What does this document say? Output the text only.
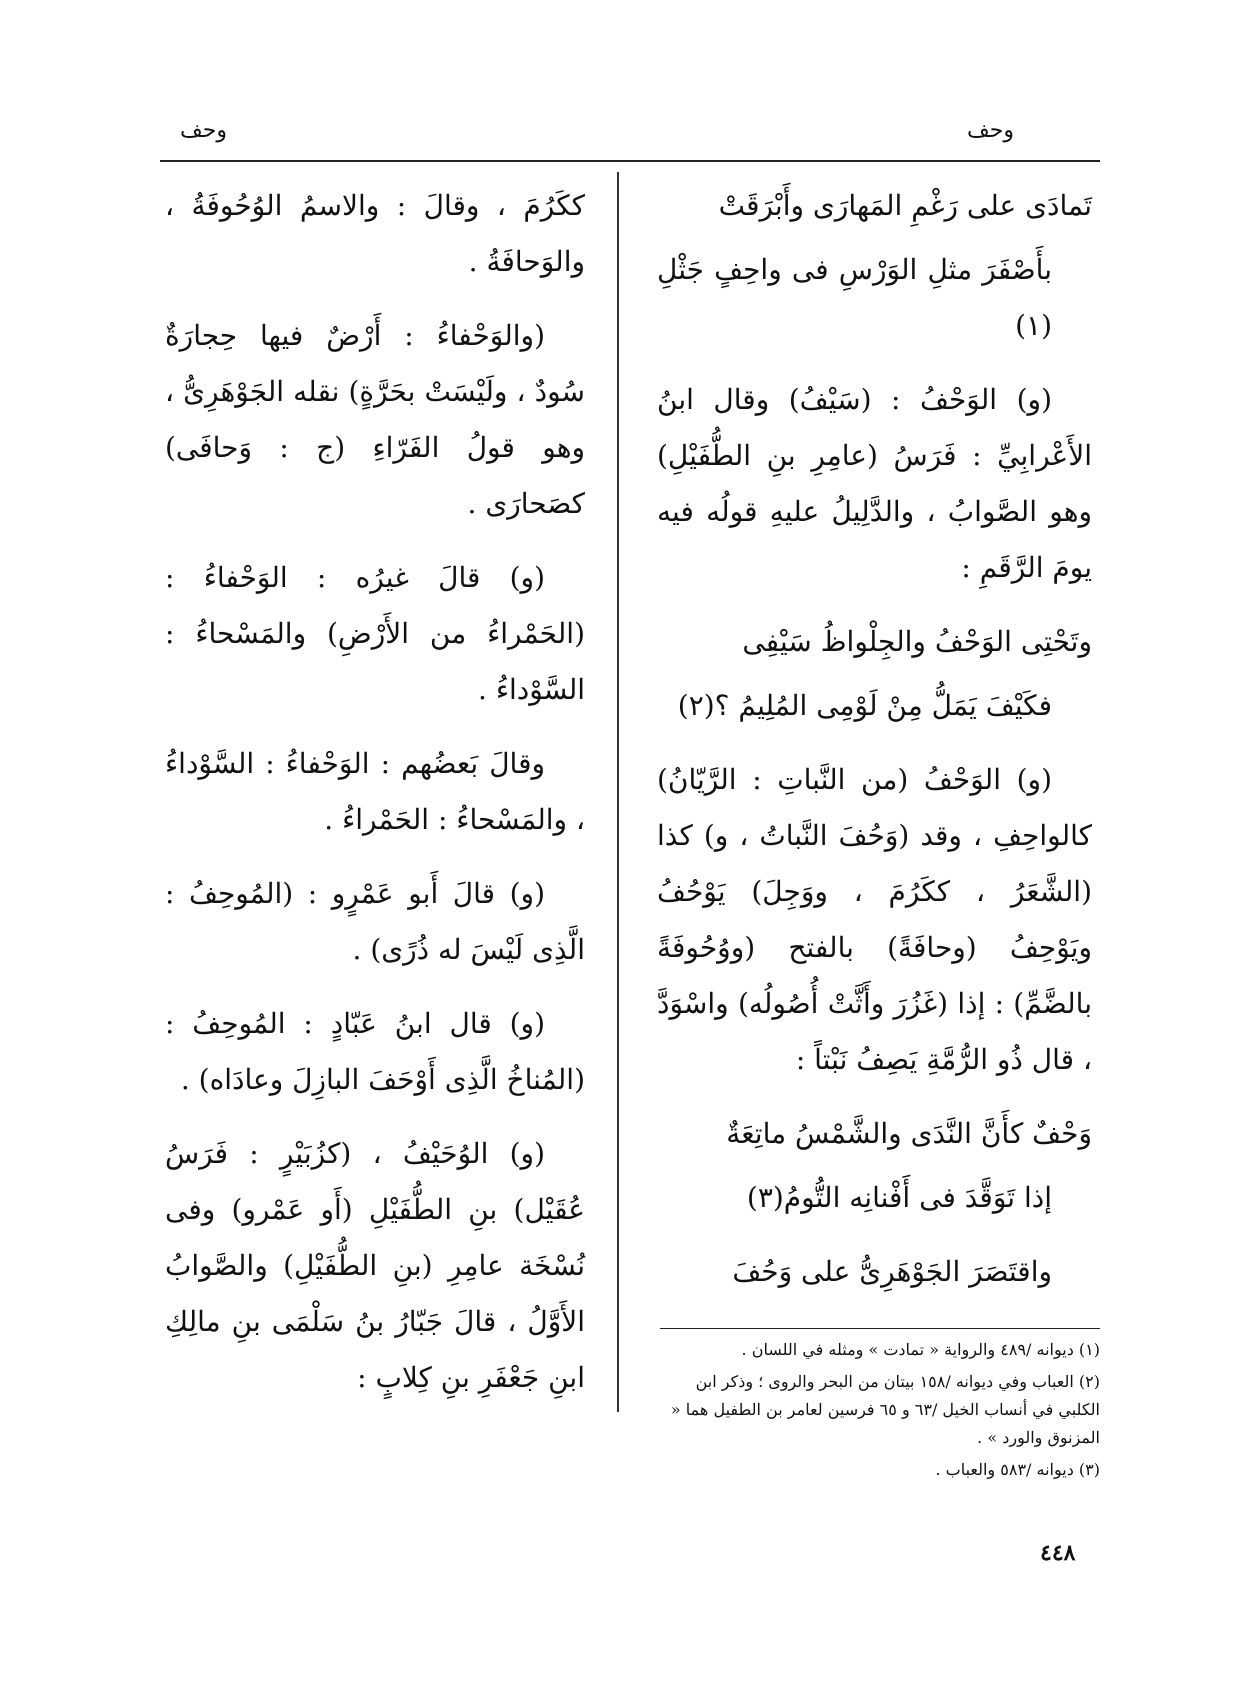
وحف	وحف
تَمادَى على رَغْمِ المَهارَى وأَبْرَقَتْ
بأَصْفَرَ مثلِ الوَرْسِ فى واحِفٍ جَثْلِ (١)

(و) الوَحْفُ : (سَيْفُ) وقال ابنُ الأَعْرابِيِّ : فَرَسُ (عامِرِ بنِ الطُّفَيْلِ) وهو الصَّوابُ ، والدَّلِيلُ عليهِ قولُه فيه يومَ الرَّقَمِ :

وتَحْتِى الوَحْفُ والجِلْواظُ سَيْفِى
فكَيْفَ يَمَلُّ مِنْ لَوْمِى المُلِيمُ ؟(٢)

(و) الوَحْفُ (من النَّباتِ : الرَّيّانُ) كالواحِفِ ، وقد (وَحُفَ النَّباتُ ، و) كذا (الشَّعَرُ ، ككَرُمَ ، ووَجِلَ) يَوْحُفُ ويَوْحِفُ (وحافَةً) بالفتح (ووُحُوفَةً بالضَّمِّ) : إذا (غَزُرَ وأَثَّتْ أُصُولُه) واسْوَدَّ ، قال ذُو الرُّمَّةِ يَصِفُ نَبْتاً :

وَحْفٌ كأَنَّ النَّدَى والشَّمْسُ ماتِعَةٌ
إذا تَوَقَّدَ فى أَفْنانِه التُّومُ(٣)

واقتَصَرَ الجَوْهَرِىُّ على وَحُفَ

ككَرُمَ ، وقالَ : والاسمُ الوُحُوفَةُ ، والوَحافَةُ .

(والوَحْفاءُ : أَرْضٌ فيها حِجارَةٌ سُودٌ ، ولَيْسَتْ بحَرَّةٍ) نقله الجَوْهَرِىُّ ، وهو قولُ الفَرّاءِ (ج : وَحافَى) كصَحارَى .

(و) قالَ غيرُه : الوَحْفاءُ : (الحَمْراءُ من الأَرْضِ) والمَسْحاءُ : السَّوْداءُ .

وقالَ بَعضُهم : الوَحْفاءُ : السَّوْداءُ ، والمَسْحاءُ : الحَمْراءُ .

(و) قالَ أَبو عَمْرٍو : (المُوحِفُ : الَّذِى لَيْسَ له ذُرًى) .

(و) قال ابنُ عَبّادٍ : المُوحِفُ : (المُناخُ الَّذِى أَوْحَفَ البازِلَ وعادَاه) .

(و) الوُحَيْفُ ، (كزُبَيْرٍ : فَرَسُ عُقَيْل) بنِ الطُّفَيْلِ (أَو عَمْرو) وفى نُسْخَة عامِرِ (بنِ الطُّفَيْلِ) والصَّوابُ الأَوَّلُ ، قالَ جَبّارُ بنُ سَلْمَى بنِ مالِكِ ابنِ جَعْفَرِ بنِ كِلابٍ :

(١) ديوانه /٤٨٩ والرواية « تمادت » ومثله في اللسان .

(٢) العباب وفي ديوانه /١٥٨ بيتان من البحر والروى ؛ وذكر ابن الكلبي في أنساب الخيل /٦٣ و ٦٥ فرسين لعامر بن الطفيل هما « المزنوق والورد » .

(٣) ديوانه /٥٨٣ والعباب .

٤٤٨
